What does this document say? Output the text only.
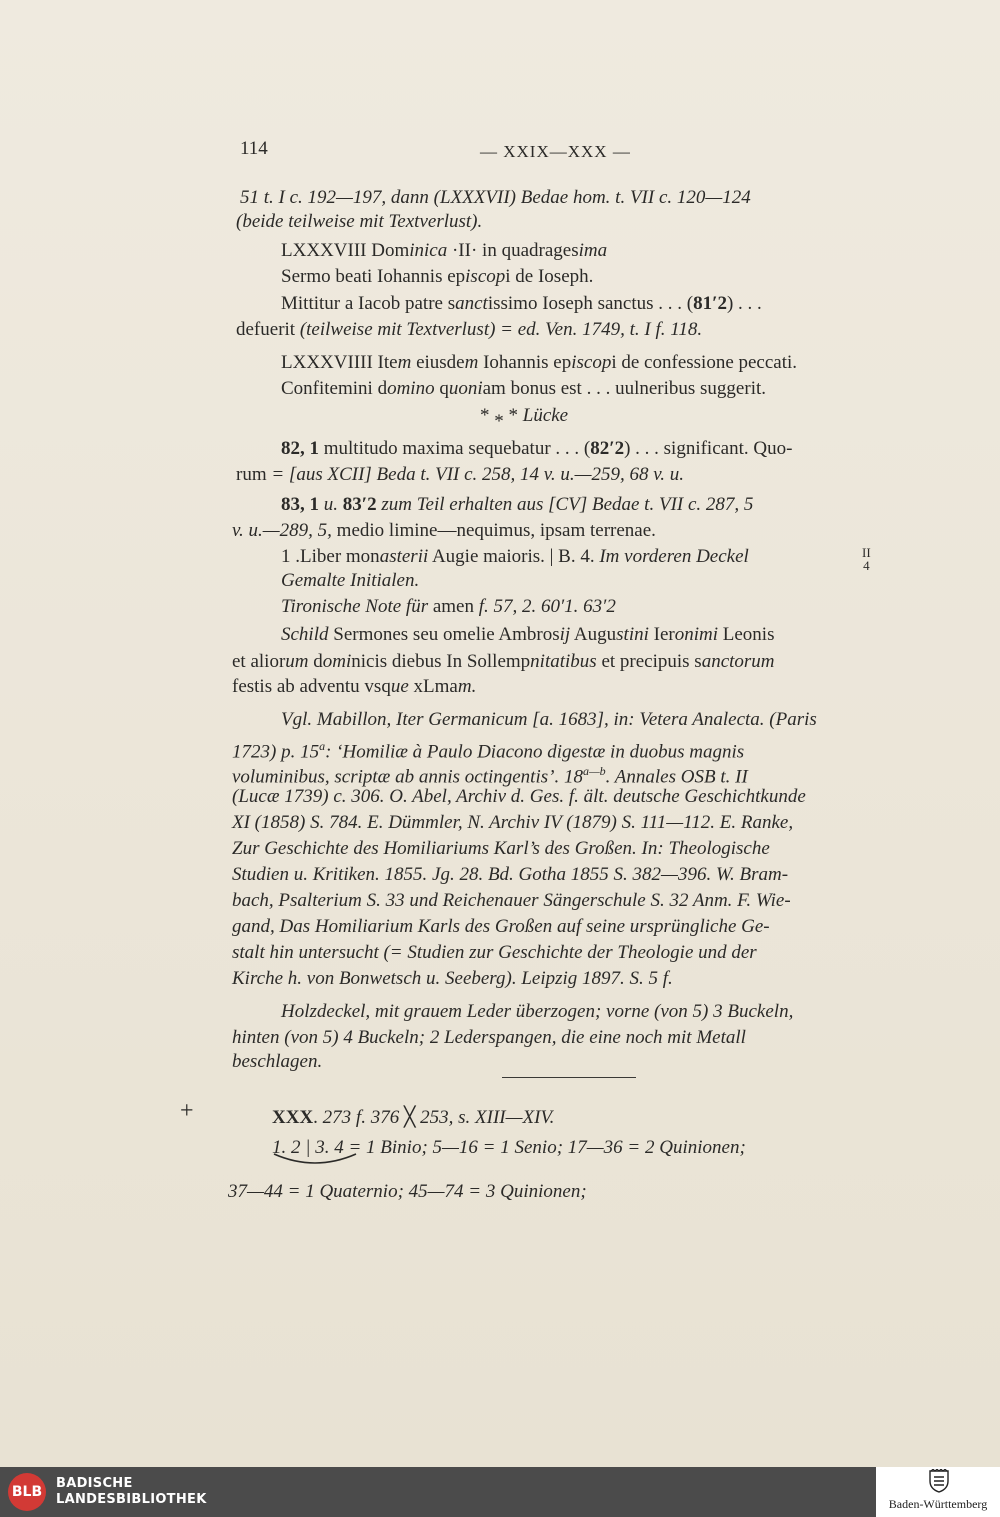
114	— XXIX—XXX —
51 t. I c. 192—197, dann (LXXXVII) Bedae hom. t. VII c. 120—124
(beide teilweise mit Textverlust).
LXXXVIII Dominica ·II· in quadragesima
Sermo beati Iohannis episcopi de Ioseph.
Mittitur a Iacob patre sanctissimo Ioseph sanctus . . . (81′2) . . .
defuerit (teilweise mit Textverlust) = ed. Ven. 1749, t. I f. 118.
LXXXVIIII Item eiusdem Iohannis episcopi de confessione peccati.
Confitemini domino quoniam bonus est . . . uulneribus suggerit.
* * * Lücke
82, 1 multitudo maxima sequebatur . . . (82′2) . . . significant. Quo-
rum = [aus XCII] Beda t. VII c. 258, 14 v. u.—259, 68 v. u.
83, 1 u. 83′2 zum Teil erhalten aus [CV] Bedae t. VII c. 287, 5
v. u.—289, 5, medio limine—nequimus, ipsam terrenae.
1 .Liber monasterii Augie maioris. | B. 4. Im vorderen Deckel	II
4
Gemalte Initialen.
Tironische Note für amen f. 57, 2. 60′1. 63′2
Schild Sermones seu omelie Ambrosij Augustini Ieronimi Leonis
et aliorum dominicis diebus In Sollempnitatibus et precipuis sanctorum
festis ab adventu vsque xLmam.
Vgl. Mabillon, Iter Germanicum [a. 1683], in: Vetera Analecta. (Paris
1723) p. 15$^a$: ‘Homiliæ à Paulo Diacono digestæ in duobus magnis
voluminibus, scriptæ ab annis octingentis’. $18^{a—b}$. Annales OSB t. II
(Lucæ 1739) c. 306. O. Abel, Archiv d. Ges. f. ält. deutsche Geschichtkunde
XI (1858) S. 784. E. Dümmler, N. Archiv IV (1879) S. 111—112. E. Ranke,
Zur Geschichte des Homiliariums Karl’s des Großen. In: Theologische
Studien u. Kritiken. 1855. Jg. 28. Bd. Gotha 1855 S. 382—396. W. Bram-
bach, Psalterium S. 33 und Reichenauer Sängerschule S. 32 Anm. F. Wie-
gand, Das Homiliarium Karls des Großen auf seine ursprüngliche Ge-
stalt hin untersucht (= Studien zur Geschichte der Theologie und der
Kirche h. von Bonwetsch u. Seeberg). Leipzig 1897. S. 5 f.
Holzdeckel, mit grauem Leder überzogen; vorne (von 5) 3 Buckeln,
hinten (von 5) 4 Buckeln; 2 Lederspangen, die eine noch mit Metall
beschlagen.
+	XXX. 273 f. 376 ╳ 253, s. XIII—XIV.
1. 2 | 3. 4 = 1 Binio; 5—16 = 1 Senio; 17—36 = 2 Quinionen;
37—44 = 1 Quaternio; 45—74 = 3 Quinionen;
BLB
BADISCHE
LANDESBIBLIOTHEK	Baden-Württemberg
